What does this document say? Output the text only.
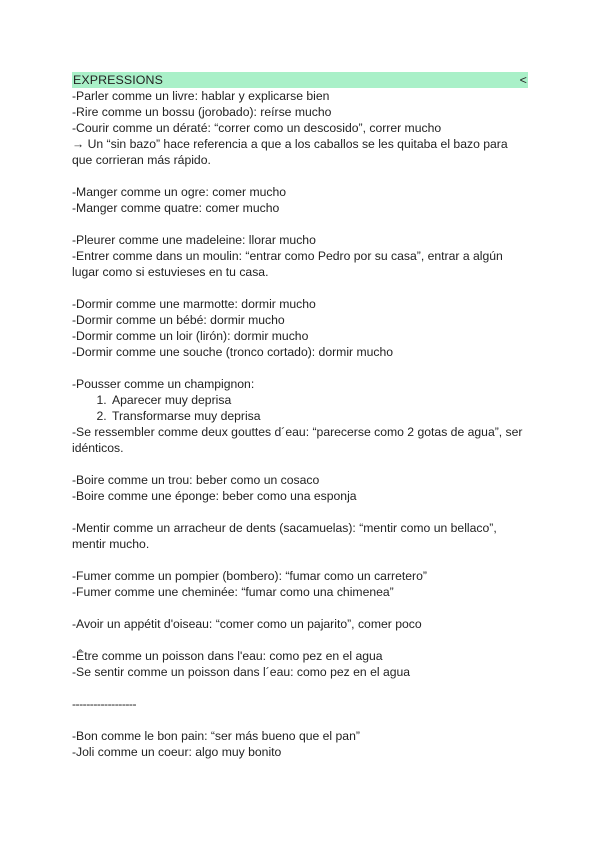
EXPRESSIONS	<
-Parler comme un livre: hablar y explicarse bien
-Rire comme un bossu (jorobado): reírse mucho
-Courir comme un dératé: “correr como un descosido”, correr mucho
→ Un “sin bazo” hace referencia a que a los caballos se les quitaba el bazo para que corrieran más rápido.
-Manger comme un ogre: comer mucho
-Manger comme quatre: comer mucho
-Pleurer comme une madeleine: llorar mucho
-Entrer comme dans un moulin: “entrar como Pedro por su casa”, entrar a algún lugar como si estuvieses en tu casa.
-Dormir comme une marmotte: dormir mucho
-Dormir comme un bébé: dormir mucho
-Dormir comme un loir (lirón): dormir mucho
-Dormir comme une souche (tronco cortado): dormir mucho
-Pousser comme un champignon:
1. Aparecer muy deprisa
2. Transformarse muy deprisa
-Se ressembler comme deux gouttes d´eau: “parecerse como 2 gotas de agua”, ser idénticos.
-Boire comme un trou: beber como un cosaco
-Boire comme une éponge: beber como una esponja
-Mentir comme un arracheur de dents (sacamuelas): “mentir como un bellaco”, mentir mucho.
-Fumer comme un pompier (bombero): “fumar como un carretero”
-Fumer comme une cheminée: “fumar como una chimenea”
-Avoir un appétit d'oiseau: “comer como un pajarito”, comer poco
-Être comme un poisson dans l'eau: como pez en el agua
-Se sentir comme un poisson dans l´eau: como pez en el agua
------------------
-Bon comme le bon pain: “ser más bueno que el pan”
-Joli comme un coeur: algo muy bonito
